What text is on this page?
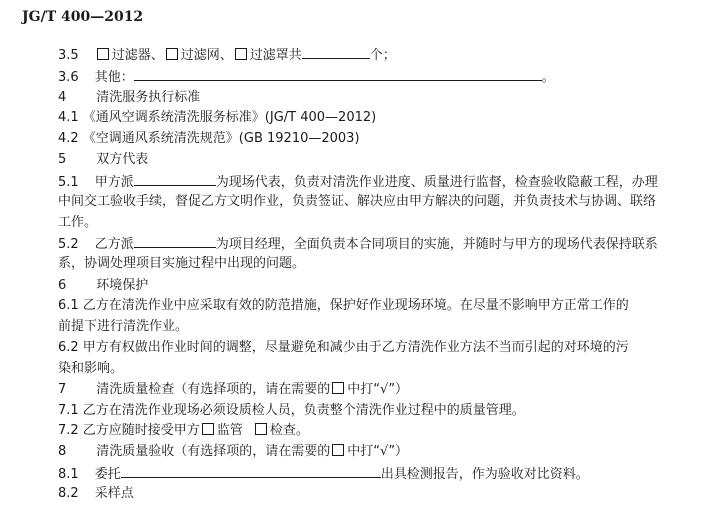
JG/T 400—2012
3.5	过滤器、 过滤网、 过滤罩共	个；
3.6 其他：	。
4 清洗服务执行标准
4.1 《通风空调系统清洗服务标准》(JG/T 400—2012)
4.2 《空调通风系统清洗规范》(GB 19210—2003)
5 双方代表
5.1 甲方派	为现场代表，负责对清洗作业进度、质量进行监督，检查验收隐蔽工程，办理
中间交工验收手续，督促乙方文明作业，负责签证、解决应由甲方解决的问题，并负责技术与协调、联络
工作。
5.2 乙方派	为项目经理，全面负责本合同项目的实施，并随时与甲方的现场代表保持联系
系，协调处理项目实施过程中出现的问题。
6 环境保护
6.1 乙方在清洗作业中应采取有效的防范措施，保护好作业现场环境。在尽量不影响甲方正常工作的
前提下进行清洗作业。
6.2 甲方有权做出作业时间的调整，尽量避免和减少由于乙方清洗作业方法不当而引起的对环境的污
染和影响。
7 清洗质量检查（有选择项的，请在需要的 中打“√”）
7.1 乙方在清洗作业现场必须设质检人员，负责整个清洗作业过程中的质量管理。
7.2 乙方应随时接受甲方 监管 检查。
8 清洗质量验收（有选择项的，请在需要的 中打“√”）
8.1 委托	出具检测报告，作为验收对比资料。
8.2 采样点
